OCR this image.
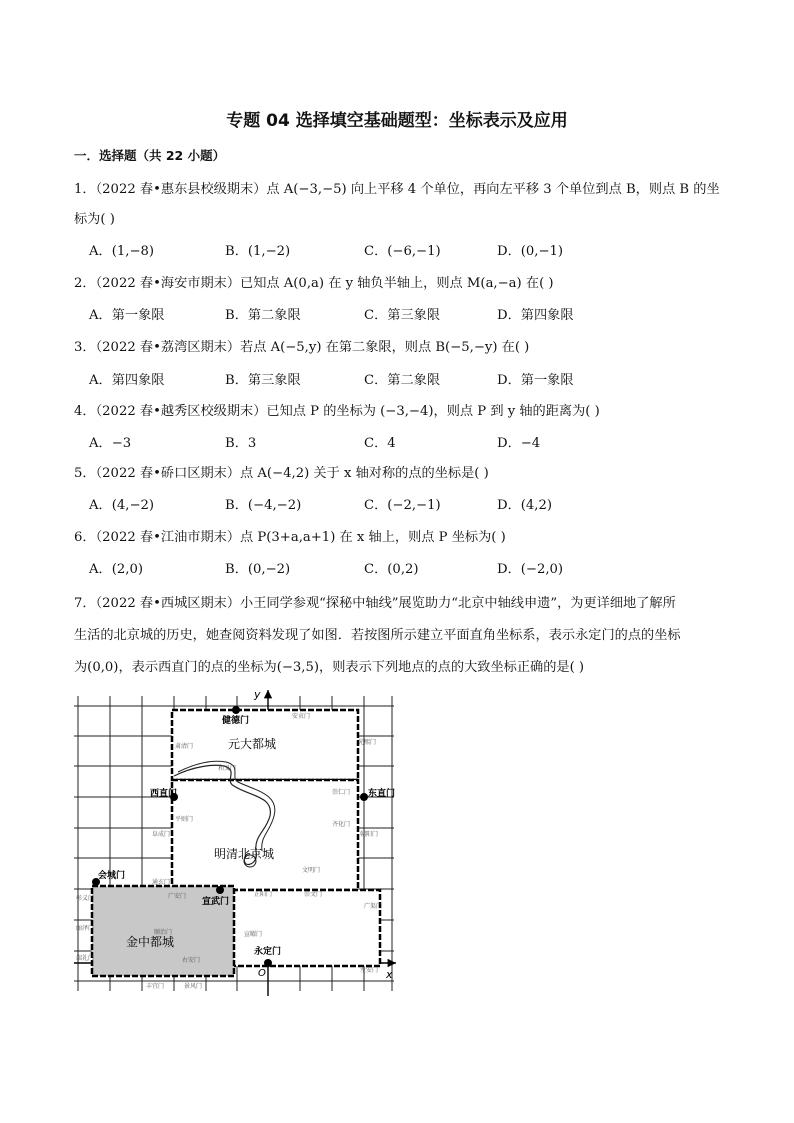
专题 04 选择填空基础题型：坐标表示及应用
一．选择题（共 22 小题）
1．（2022 春•惠东县校级期末）点 A(−3,−5) 向上平移 4 个单位，再向左平移 3 个单位到点 B，则点 B 的坐
标为( )
A．(1,−8)	B．(1,−2)	C．(−6,−1)	D．(0,−1)
2．（2022 春•海安市期末）已知点 A(0,a) 在 y 轴负半轴上，则点 M(a,−a) 在( )
A．第一象限	B．第二象限	C．第三象限	D．第四象限
3．（2022 春•荔湾区期末）若点 A(−5,y) 在第二象限，则点 B(−5,−y) 在( )
A．第四象限	B．第三象限	C．第二象限	D．第一象限
4．（2022 春•越秀区校级期末）已知点 P 的坐标为 (−3,−4)，则点 P 到 y 轴的距离为( )
A．−3	B．3	C．4	D．−4
5．（2022 春•硚口区期末）点 A(−4,2) 关于 x 轴对称的点的坐标是( )
A．(4,−2)	B．(−4,−2)	C．(−2,−1)	D．(4,2)
6．（2022 春•江油市期末）点 P(3+a,a+1) 在 x 轴上，则点 P 坐标为( )
A．(2,0)	B．(0,−2)	C．(0,2)	D．(−2,0)
7．（2022 春•西城区期末）小王同学参观“探秘中轴线”展览助力“北京中轴线申遗”，为更详细地了解所
生活的北京城的历史，她查阅资料发现了如图．若按图所示建立平面直角坐标系，表示永定门的点的坐标
为(0,0)，表示西直门的点的坐标为(−3,5)，则表示下列地点的点的大致坐标正确的是( )
y
x
O
健德门	安贞门
元大都城
西直门	东直门
明清北京城
会城门
宣武门
金中都城
永定门
光熙门
肃清门
和义门
崇仁门
平则门
齐化门
朝阳门
阜成门
文明门
通玄门
正阳门	崇文门
彰义门
广渠门
广安门
丽泽门
宣曜门
右安门
左安门
顺治门
端礼门
丰宜门	景风门
